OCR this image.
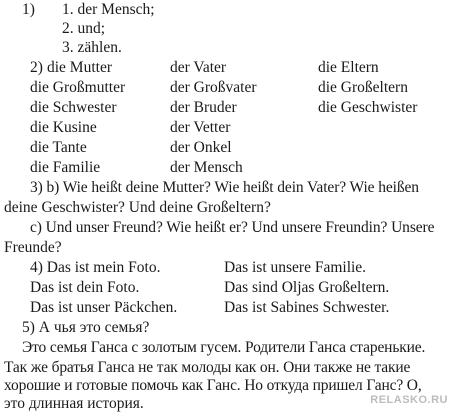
1) 1. der Mensch;
2. und;
3. zählen.
2) die Mutter	der Vater	die Eltern
die Großmutter	der Großvater	die Großeltern
die Schwester	der Bruder	die Geschwister
die Kusine	der Vetter
die Tante	der Onkel
die Familie	der Mensch
3) b) Wie heißt deine Mutter? Wie heißt dein Vater? Wie heißen
deine Geschwister? Und deine Großeltern?
c) Und unser Freund? Wie heißt er? Und unsere Freundin? Unsere
Freunde?
4) Das ist mein Foto.	Das ist unsere Familie.
Das ist dein Foto.	Das sind Oljas Großeltern.
Das ist unser Päckchen.	Das ist Sabines Schwester.
5) А чья это семья?
Это семья Ганса с золотым гусем. Родители Ганса старенькие.
Так же братья Ганса не так молоды как он. Они также не такие
хорошие и готовые помочь как Ганс. Но откуда пришел Ганс? О,
это длинная история.	RELASKO.RU
